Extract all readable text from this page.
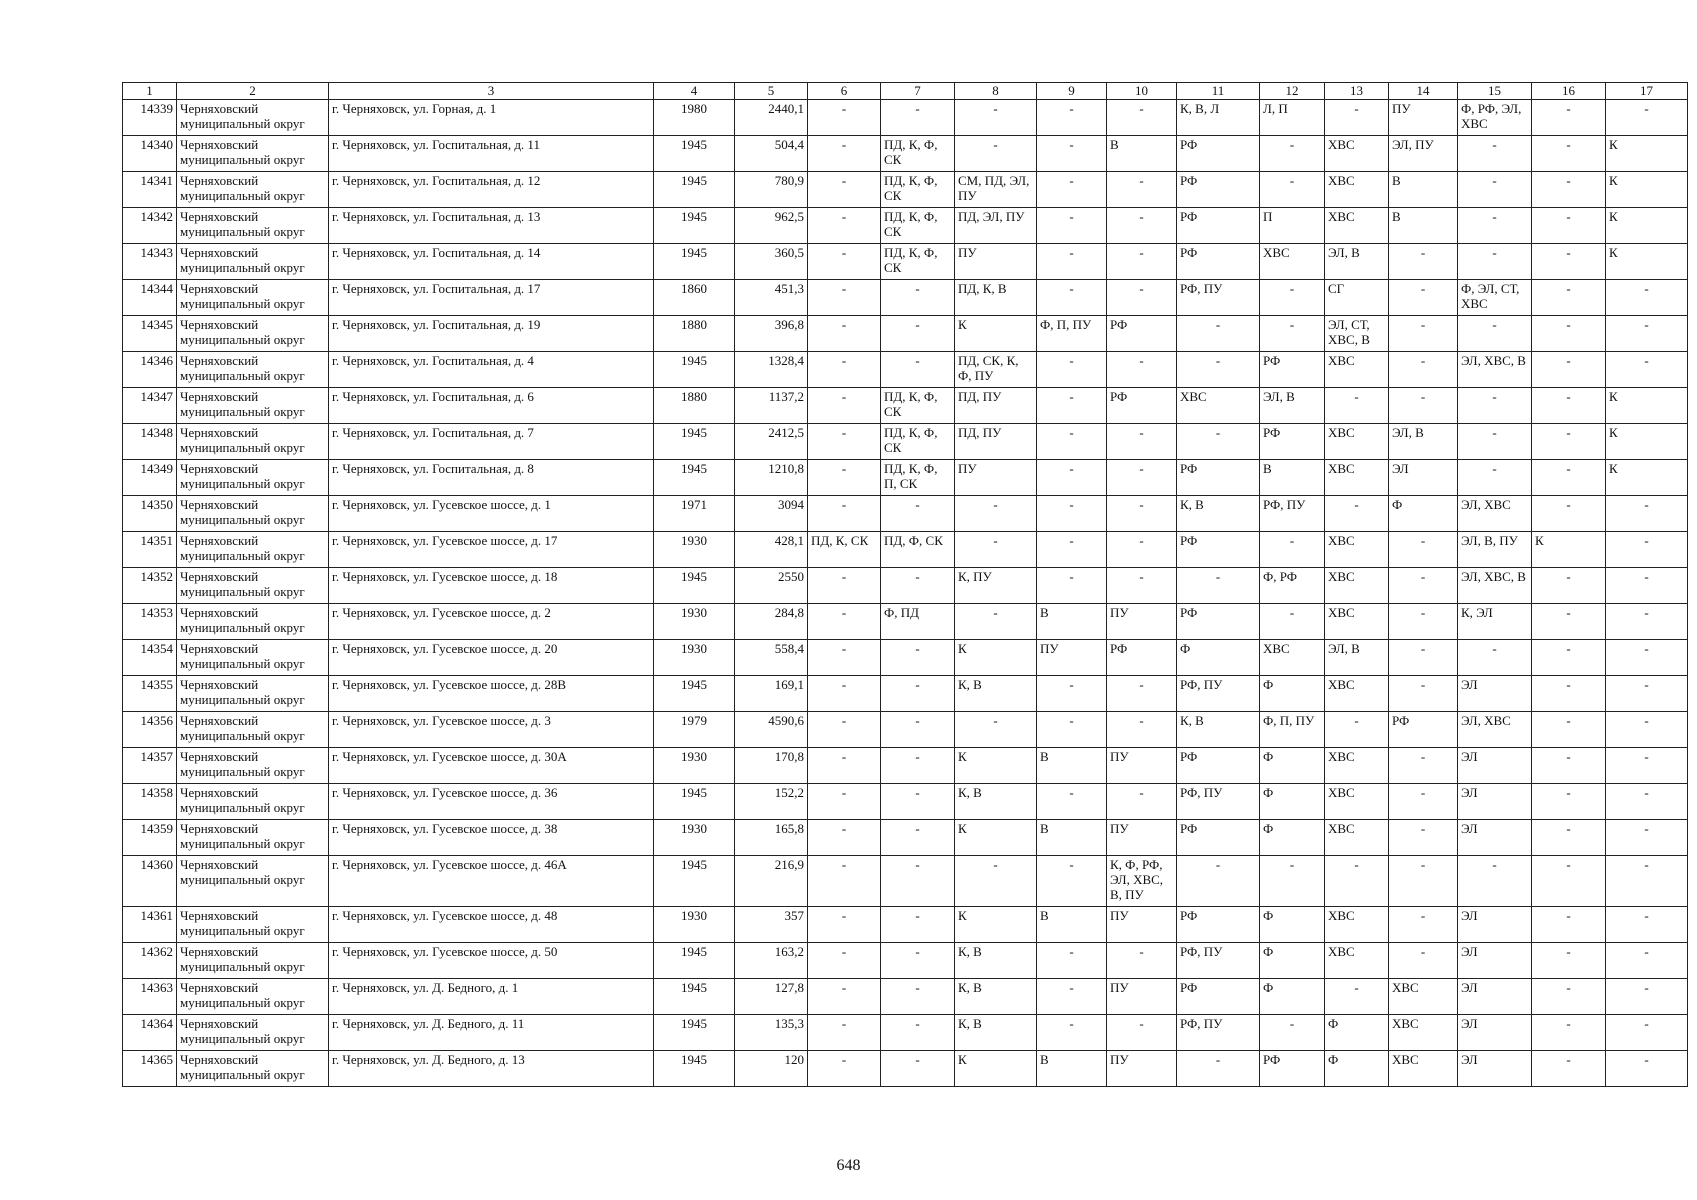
1	2	3	4	5	6	7	8	9	10	11	12	13	14	15	16	17
14339	Черняховский муниципальный округ	г. Черняховск, ул. Горная, д. 1	1980	2440,1	-	-	-	-	-	К, В, Л	Л, П	-	ПУ	Ф, РФ, ЭЛ, ХВС	-	-
14340	Черняховский муниципальный округ	г. Черняховск, ул. Госпитальная, д. 11	1945	504,4	-	ПД, К, Ф, СК	-	-	В	РФ	-	ХВС	ЭЛ, ПУ	-	-	К
14341	Черняховский муниципальный округ	г. Черняховск, ул. Госпитальная, д. 12	1945	780,9	-	ПД, К, Ф, СК	СМ, ПД, ЭЛ, ПУ	-	-	РФ	-	ХВС	В	-	-	К
14342	Черняховский муниципальный округ	г. Черняховск, ул. Госпитальная, д. 13	1945	962,5	-	ПД, К, Ф, СК	ПД, ЭЛ, ПУ	-	-	РФ	П	ХВС	В	-	-	К
14343	Черняховский муниципальный округ	г. Черняховск, ул. Госпитальная, д. 14	1945	360,5	-	ПД, К, Ф, СК	ПУ	-	-	РФ	ХВС	ЭЛ, В	-	-	-	К
14344	Черняховский муниципальный округ	г. Черняховск, ул. Госпитальная, д. 17	1860	451,3	-	-	ПД, К, В	-	-	РФ, ПУ	-	СГ	-	Ф, ЭЛ, СТ, ХВС	-	-
14345	Черняховский муниципальный округ	г. Черняховск, ул. Госпитальная, д. 19	1880	396,8	-	-	К	Ф, П, ПУ	РФ	-	-	ЭЛ, СТ, ХВС, В	-	-	-	-
14346	Черняховский муниципальный округ	г. Черняховск, ул. Госпитальная, д. 4	1945	1328,4	-	-	ПД, СК, К, Ф, ПУ	-	-	-	РФ	ХВС	-	ЭЛ, ХВС, В	-	-
14347	Черняховский муниципальный округ	г. Черняховск, ул. Госпитальная, д. 6	1880	1137,2	-	ПД, К, Ф, СК	ПД, ПУ	-	РФ	ХВС	ЭЛ, В	-	-	-	-	К
14348	Черняховский муниципальный округ	г. Черняховск, ул. Госпитальная, д. 7	1945	2412,5	-	ПД, К, Ф, СК	ПД, ПУ	-	-	-	РФ	ХВС	ЭЛ, В	-	-	К
14349	Черняховский муниципальный округ	г. Черняховск, ул. Госпитальная, д. 8	1945	1210,8	-	ПД, К, Ф, П, СК	ПУ	-	-	РФ	В	ХВС	ЭЛ	-	-	К
14350	Черняховский муниципальный округ	г. Черняховск, ул. Гусевское шоссе, д. 1	1971	3094	-	-	-	-	-	К, В	РФ, ПУ	-	Ф	ЭЛ, ХВС	-	-
14351	Черняховский муниципальный округ	г. Черняховск, ул. Гусевское шоссе, д. 17	1930	428,1	ПД, К, СК	ПД, Ф, СК	-	-	-	РФ	-	ХВС	-	ЭЛ, В, ПУ	К	-
14352	Черняховский муниципальный округ	г. Черняховск, ул. Гусевское шоссе, д. 18	1945	2550	-	-	К, ПУ	-	-	-	Ф, РФ	ХВС	-	ЭЛ, ХВС, В	-	-
14353	Черняховский муниципальный округ	г. Черняховск, ул. Гусевское шоссе, д. 2	1930	284,8	-	Ф, ПД	-	В	ПУ	РФ	-	ХВС	-	К, ЭЛ	-	-
14354	Черняховский муниципальный округ	г. Черняховск, ул. Гусевское шоссе, д. 20	1930	558,4	-	-	К	ПУ	РФ	Ф	ХВС	ЭЛ, В	-	-	-	-
14355	Черняховский муниципальный округ	г. Черняховск, ул. Гусевское шоссе, д. 28В	1945	169,1	-	-	К, В	-	-	РФ, ПУ	Ф	ХВС	-	ЭЛ	-	-
14356	Черняховский муниципальный округ	г. Черняховск, ул. Гусевское шоссе, д. 3	1979	4590,6	-	-	-	-	-	К, В	Ф, П, ПУ	-	РФ	ЭЛ, ХВС	-	-
14357	Черняховский муниципальный округ	г. Черняховск, ул. Гусевское шоссе, д. 30А	1930	170,8	-	-	К	В	ПУ	РФ	Ф	ХВС	-	ЭЛ	-	-
14358	Черняховский муниципальный округ	г. Черняховск, ул. Гусевское шоссе, д. 36	1945	152,2	-	-	К, В	-	-	РФ, ПУ	Ф	ХВС	-	ЭЛ	-	-
14359	Черняховский муниципальный округ	г. Черняховск, ул. Гусевское шоссе, д. 38	1930	165,8	-	-	К	В	ПУ	РФ	Ф	ХВС	-	ЭЛ	-	-
14360	Черняховский муниципальный округ	г. Черняховск, ул. Гусевское шоссе, д. 46А	1945	216,9	-	-	-	-	К, Ф, РФ, ЭЛ, ХВС, В, ПУ	-	-	-	-	-	-	-
14361	Черняховский муниципальный округ	г. Черняховск, ул. Гусевское шоссе, д. 48	1930	357	-	-	К	В	ПУ	РФ	Ф	ХВС	-	ЭЛ	-	-
14362	Черняховский муниципальный округ	г. Черняховск, ул. Гусевское шоссе, д. 50	1945	163,2	-	-	К, В	-	-	РФ, ПУ	Ф	ХВС	-	ЭЛ	-	-
14363	Черняховский муниципальный округ	г. Черняховск, ул. Д. Бедного, д. 1	1945	127,8	-	-	К, В	-	ПУ	РФ	Ф	-	ХВС	ЭЛ	-	-
14364	Черняховский муниципальный округ	г. Черняховск, ул. Д. Бедного, д. 11	1945	135,3	-	-	К, В	-	-	РФ, ПУ	-	Ф	ХВС	ЭЛ	-	-
14365	Черняховский муниципальный округ	г. Черняховск, ул. Д. Бедного, д. 13	1945	120	-	-	К	В	ПУ	-	РФ	Ф	ХВС	ЭЛ	-	-
648
